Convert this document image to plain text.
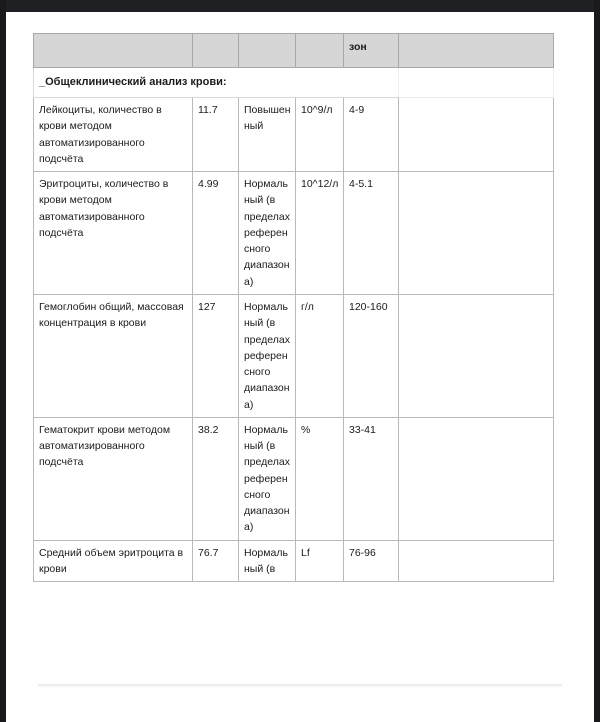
				зон	
_Общеклинический анализ крови:					
Лейкоциты, количество в крови методом автоматизированного подсчёта	11.7	Повышенный	10^9/л	4-9	
Эритроциты, количество в крови методом автоматизированного подсчёта	4.99	Нормальный (в пределах референсного диапазона)	10^12/л	4-5.1	
Гемоглобин общий, массовая концентрация в крови	127	Нормальный (в пределах референсного диапазона)	г/л	120-160	
Гематокрит крови методом автоматизированного подсчёта	38.2	Нормальный (в пределах референсного диапазона)	%	33-41	
Средний объем эритроцита в крови	76.7	Нормальный (в	Lf	76-96	
